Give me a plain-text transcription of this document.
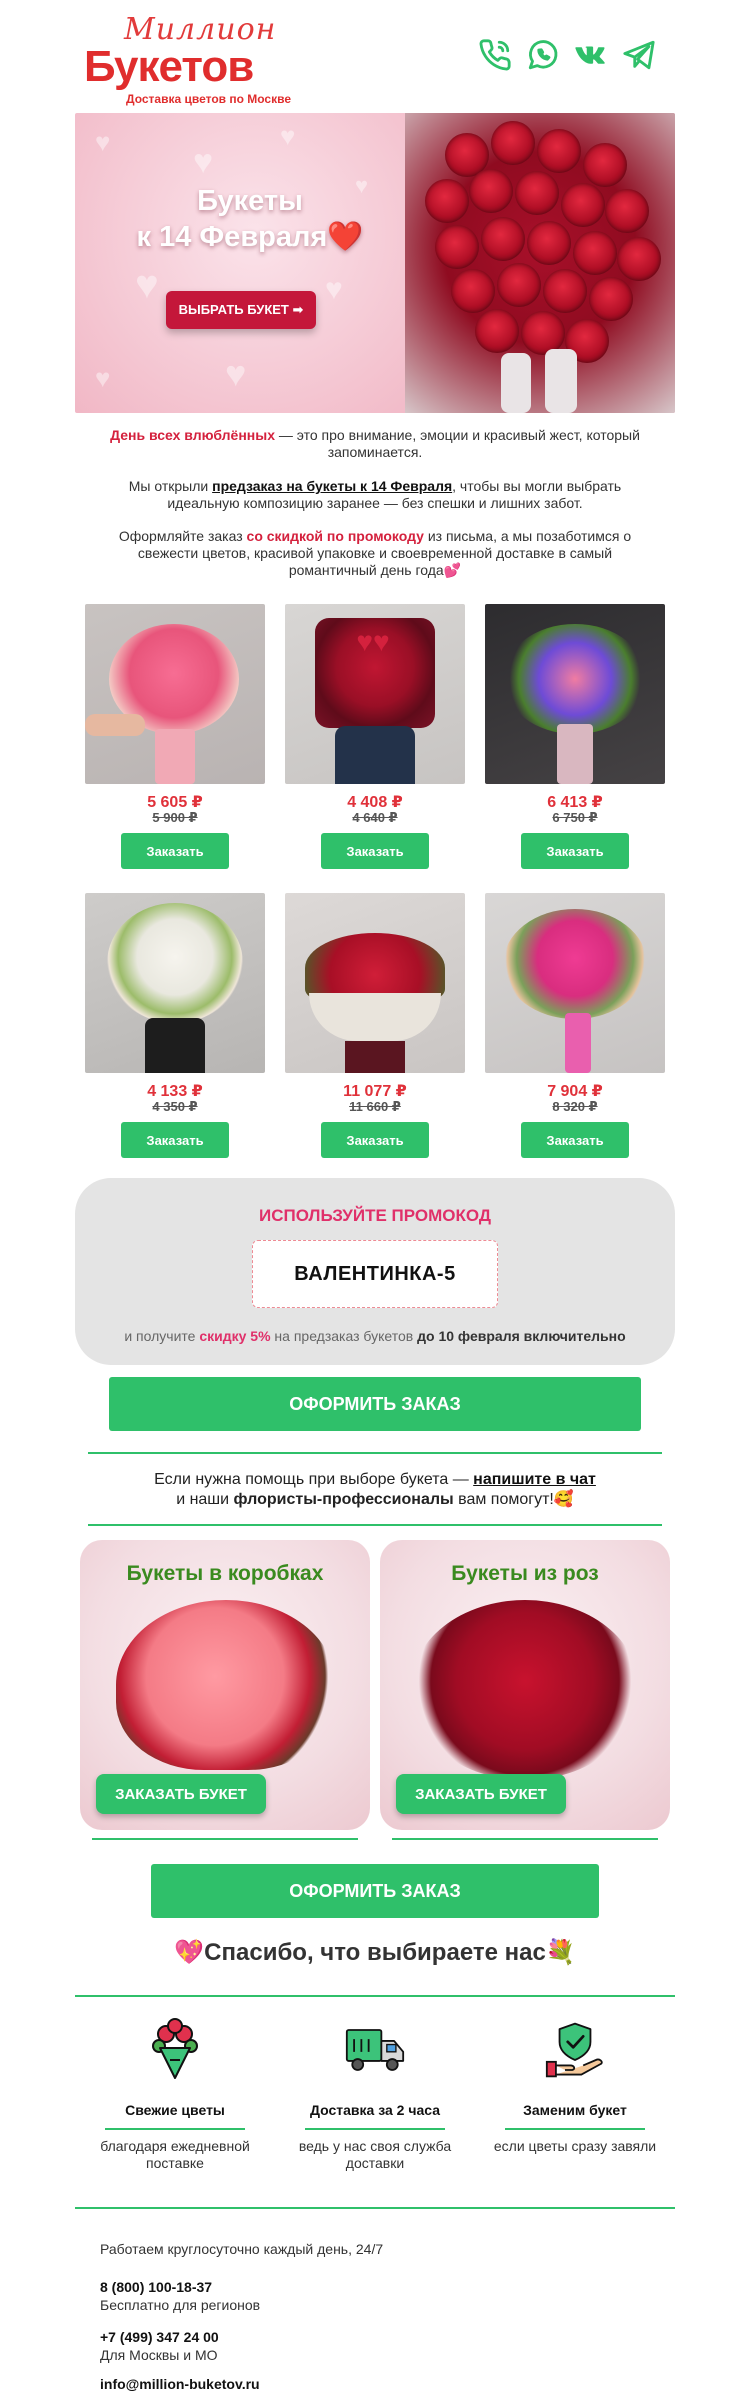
Миллион
Букетов
Доставка цветов по Москве
♥
♥
♥
♥	♥
♥
♥
♥
Букеты
к 14 Февраля❤️
ВЫБРАТЬ БУКЕТ ➡
День всех влюблённых — это про внимание, эмоции и красивый жест, который запоминается.
Мы открыли предзаказ на букеты к 14 Февраля, чтобы вы могли выбрать идеальную композицию заранее — без спешки и лишних забот.
Оформляйте заказ со скидкой по промокоду из письма, а мы позаботимся о свежести цветов, красивой упаковке и своевременной доставке в самый романтичный день года💕
5 605 ₽
5 900 ₽
Заказать
♥♥
4 408 ₽
4 640 ₽
Заказать
6 413 ₽
6 750 ₽
Заказать
4 133 ₽
4 350 ₽
Заказать
11 077 ₽
11 660 ₽
Заказать
7 904 ₽
8 320 ₽
Заказать
ИСПОЛЬЗУЙТЕ ПРОМОКОД
ВАЛЕНТИНКА-5
и получите скидку 5% на предзаказ букетов до 10 февраля включительно
ОФОРМИТЬ ЗАКАЗ
Если нужна помощь при выборе букета — напишите в чат
и наши флористы-профессионалы вам помогут!🥰
Букеты в коробках
ЗАКАЗАТЬ БУКЕТ
Букеты из роз
ЗАКАЗАТЬ БУКЕТ
ОФОРМИТЬ ЗАКАЗ
💖Спасибо, что выбираете нас💐
Свежие цветы
благодаря ежедневной поставке
Доставка за 2 часа
ведь у нас своя служба доставки
Заменим букет
если цветы сразу завяли
Работаем круглосуточно каждый день, 24/7
8 (800) 100-18-37
Бесплатно для регионов
+7 (499) 347 24 00
Для Москвы и МО
info@million-buketov.ru
